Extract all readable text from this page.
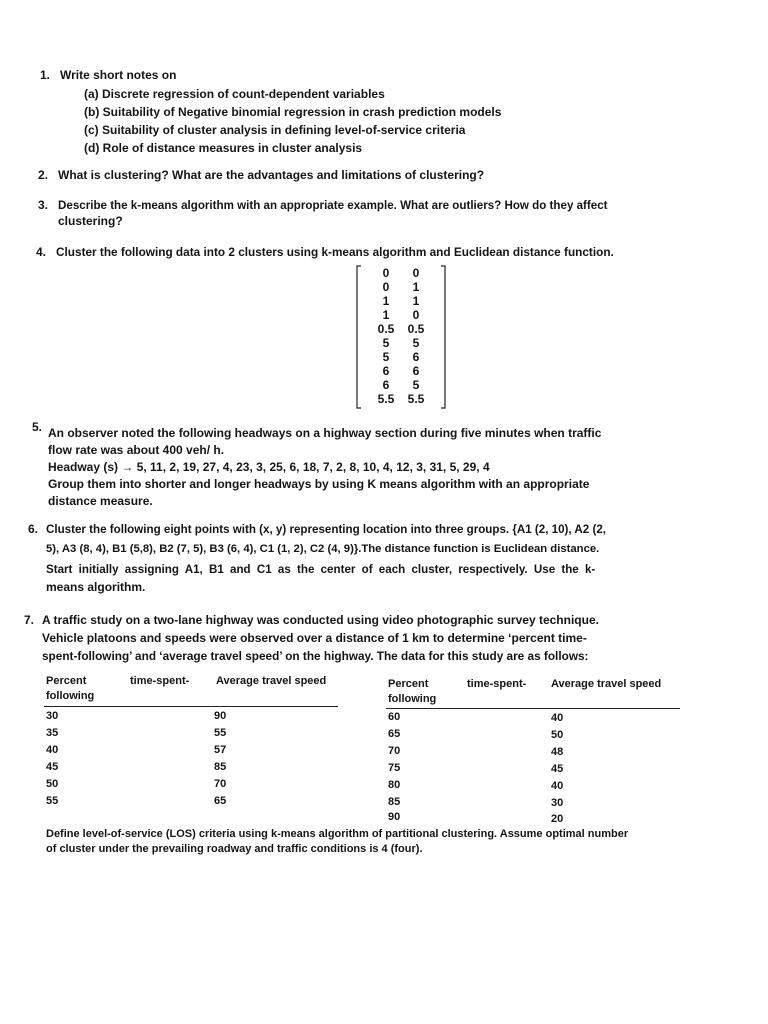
1. Write short notes on
(a) Discrete regression of count-dependent variables
(b) Suitability of Negative binomial regression in crash prediction models
(c) Suitability of cluster analysis in defining level-of-service criteria
(d) Role of distance measures in cluster analysis
2. What is clustering? What are the advantages and limitations of clustering?
3. Describe the k-means algorithm with an appropriate example. What are outliers? How do they affect
clustering?
4. Cluster the following data into 2 clusters using k-means algorithm and Euclidean distance function.
0	0
0	1
1	1
1	0
0.5	0.5
5	5
5	6
6	6
6	5
5.5	5.5
5. An observer noted the following headways on a highway section during five minutes when traffic
flow rate was about 400 veh/ h.
Headway (s) → 5, 11, 2, 19, 27, 4, 23, 3, 25, 6, 18, 7, 2, 8, 10, 4, 12, 3, 31, 5, 29, 4
Group them into shorter and longer headways by using K means algorithm with an appropriate
distance measure.
6. Cluster the following eight points with (x, y) representing location into three groups. {A1 (2, 10), A2 (2,
5), A3 (8, 4), B1 (5,8), B2 (7, 5), B3 (6, 4), C1 (1, 2), C2 (4, 9)}.The distance function is Euclidean distance.
Start initially assigning A1, B1 and C1 as the center of each cluster, respectively. Use the k-
means algorithm.
7. A traffic study on a two-lane highway was conducted using video photographic survey technique.
Vehicle platoons and speeds were observed over a distance of 1 km to determine ‘percent time-
spent-following’ and ‘average travel speed’ on the highway. The data for this study are as follows:
Percent	time-spent- Average travel speed
following
30	90
35	55
40	57
45	85
50	70
55	65
Percent	time-spent- Average travel speed
following
60	40
65	50
70	48
75	45
80	40
85	30
90	20
Define level-of-service (LOS) criteria using k-means algorithm of partitional clustering. Assume optimal number
of cluster under the prevailing roadway and traffic conditions is 4 (four).
